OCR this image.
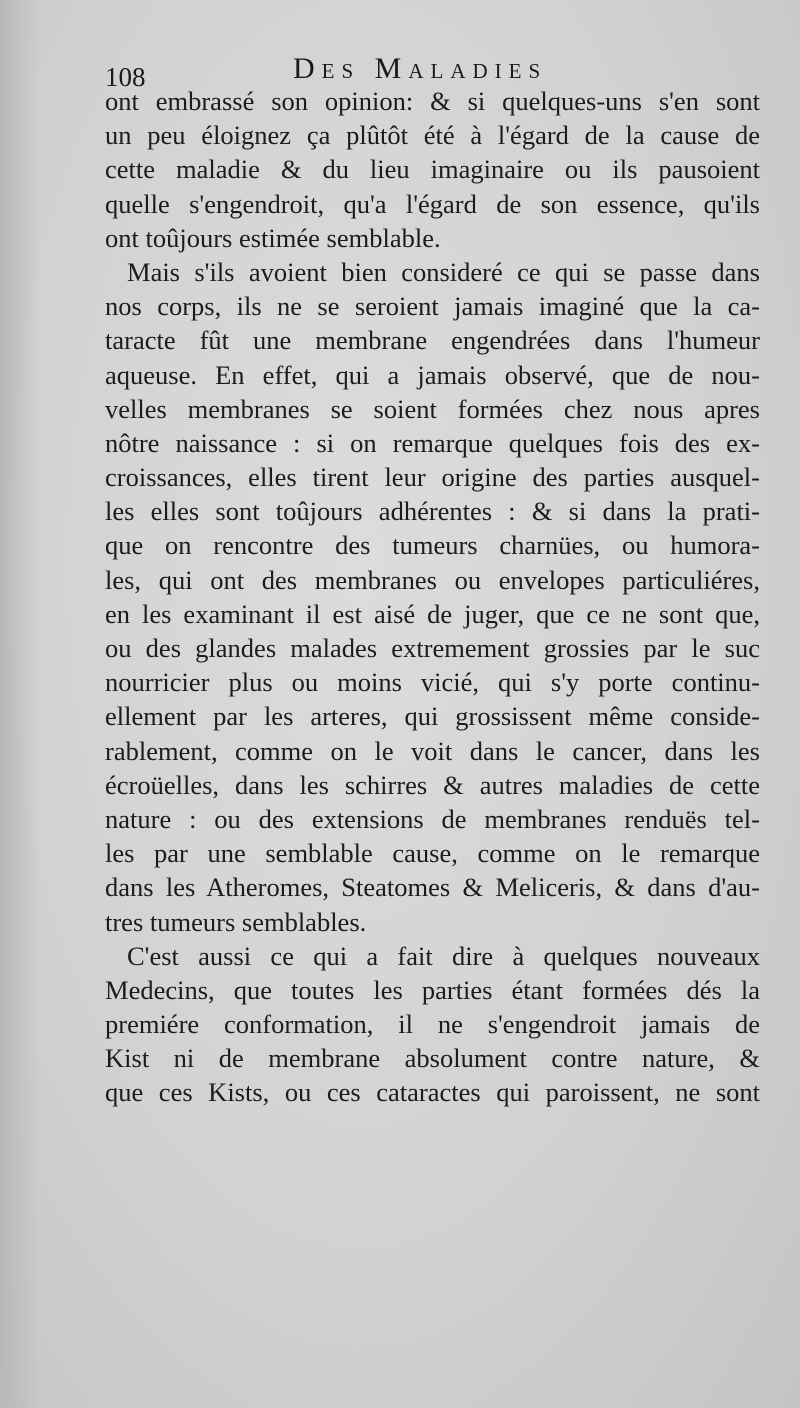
108	Des Maladies
ont embrassé son opinion: & si quelques-uns s'en sont
un peu éloignez ça plûtôt été à l'égard de la cause de
cette maladie & du lieu imaginaire ou ils pausoient
quelle s'engendroit, qu'a l'égard de son essence, qu'ils
ont toûjours estimée semblable.
Mais s'ils avoient bien consideré ce qui se passe dans
nos corps, ils ne se seroient jamais imaginé que la ca-
taracte fût une membrane engendrées dans l'humeur
aqueuse. En effet, qui a jamais observé, que de nou-
velles membranes se soient formées chez nous apres
nôtre naissance : si on remarque quelques fois des ex-
croissances, elles tirent leur origine des parties ausquel-
les elles sont toûjours adhérentes : & si dans la prati-
que on rencontre des tumeurs charnües, ou humora-
les, qui ont des membranes ou envelopes particuliéres,
en les examinant il est aisé de juger, que ce ne sont que,
ou des glandes malades extremement grossies par le suc
nourricier plus ou moins vicié, qui s'y porte continu-
ellement par les arteres, qui grossissent même conside-
rablement, comme on le voit dans le cancer, dans les
écroüelles, dans les schirres & autres maladies de cette
nature : ou des extensions de membranes renduës tel-
les par une semblable cause, comme on le remarque
dans les Atheromes, Steatomes & Meliceris, & dans d'au-
tres tumeurs semblables.
C'est aussi ce qui a fait dire à quelques nouveaux
Medecins, que toutes les parties étant formées dés la
premiére conformation, il ne s'engendroit jamais de
Kist ni de membrane absolument contre nature, &
que ces Kists, ou ces cataractes qui paroissent, ne sont
